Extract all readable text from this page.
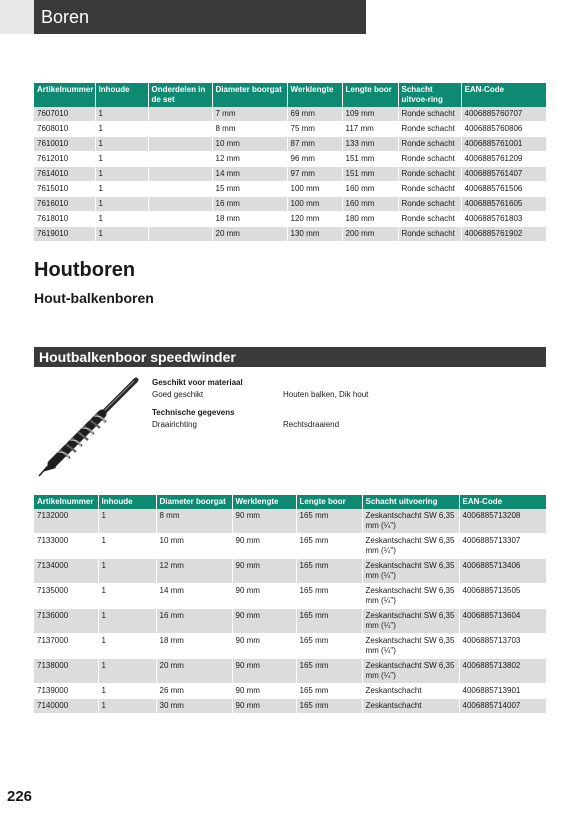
Boren
Artikelnummer	Inhoude	Onderdelen in de set	Diameter boorgat	Werklengte	Lengte boor	Schacht uitvoe-ring	EAN-Code
7607010	1		7 mm	69 mm	109 mm	Ronde schacht	4006885760707
7608010	1		8 mm	75 mm	117 mm	Ronde schacht	4006885760806
7610010	1		10 mm	87 mm	133 mm	Ronde schacht	4006885761001
7612010	1		12 mm	96 mm	151 mm	Ronde schacht	4006885761209
7614010	1		14 mm	97 mm	151 mm	Ronde schacht	4006885761407
7615010	1		15 mm	100 mm	160 mm	Ronde schacht	4006885761506
7616010	1		16 mm	100 mm	160 mm	Ronde schacht	4006885761605
7618010	1		18 mm	120 mm	180 mm	Ronde schacht	4006885761803
7619010	1		20 mm	130 mm	200 mm	Ronde schacht	4006885761902
Houtboren
Hout-balkenboren
Houtbalkenboor speedwinder
Geschikt voor materiaal
Goed geschikt	Houten balken, Dik hout
Technische gegevens
Draairichting	Rechtsdraaiend
Artikelnummer	Inhoude	Diameter boorgat	Werklengte	Lengte boor	Schacht uitvoering	EAN-Code
7132000	1	8 mm	90 mm	165 mm	Zeskantschacht SW 6,35 mm (¼")	4006885713208
7133000	1	10 mm	90 mm	165 mm	Zeskantschacht SW 6,35 mm (¼")	4006885713307
7134000	1	12 mm	90 mm	165 mm	Zeskantschacht SW 6,35 mm (¼")	4006885713406
7135000	1	14 mm	90 mm	165 mm	Zeskantschacht SW 6,35 mm (¼")	4006885713505
7136000	1	16 mm	90 mm	165 mm	Zeskantschacht SW 6,35 mm (¼")	4006885713604
7137000	1	18 mm	90 mm	165 mm	Zeskantschacht SW 6,35 mm (¼")	4006885713703
7138000	1	20 mm	90 mm	165 mm	Zeskantschacht SW 6,35 mm (¼")	4006885713802
7139000	1	26 mm	90 mm	165 mm	Zeskantschacht	4006885713901
7140000	1	30 mm	90 mm	165 mm	Zeskantschacht	4006885714007
226
